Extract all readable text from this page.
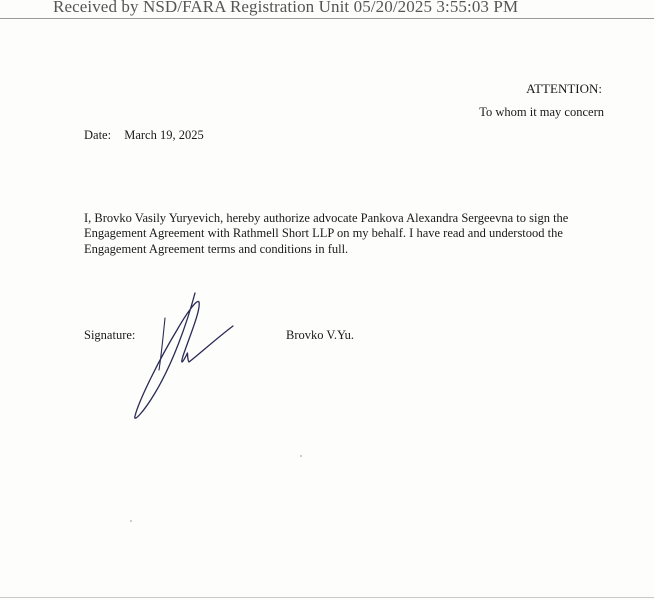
Received by NSD/FARA Registration Unit 05/20/2025 3:55:03 PM
ATTENTION:
To whom it may concern
Date: March 19, 2025

I, Brovko Vasily Yuryevich, hereby authorize advocate Pankova Alexandra Sergeevna to sign the Engagement Agreement with Rathmell Short LLP on my behalf. I have read and understood the Engagement Agreement terms and conditions in full.

Signature:	Brovko V.Yu.
